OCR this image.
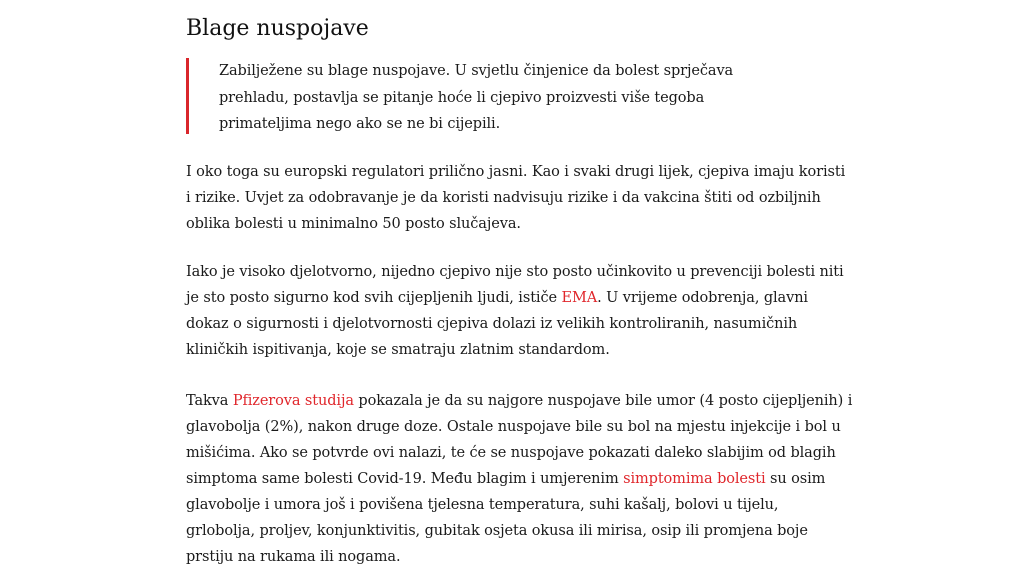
Blage nuspojave

Zabilježene su blage nuspojave. U svjetlu činjenice da bolest sprječava prehladu, postavlja se pitanje hoće li cjepivo proizvesti više tegoba primateljima nego ako se ne bi cijepili.

I oko toga su europski regulatori prilično jasni. Kao i svaki drugi lijek, cjepiva imaju koristi
i rizike. Uvjet za odobravanje je da koristi nadvisuju rizike i da vakcina štiti od ozbiljnih
oblika bolesti u minimalno 50 posto slučajeva.

Iako je visoko djelotvorno, nijedno cjepivo nije sto posto učinkovito u prevenciji bolesti niti
je sto posto sigurno kod svih cijepljenih ljudi, ističe EMA. U vrijeme odobrenja, glavni
dokaz o sigurnosti i djelotvornosti cjepiva dolazi iz velikih kontroliranih, nasumičnih
kliničkih ispitivanja, koje se smatraju zlatnim standardom.

Takva Pfizerova studija pokazala je da su najgore nuspojave bile umor (4 posto cijepljenih) i
glavobolja (2%), nakon druge doze. Ostale nuspojave bile su bol na mjestu injekcije i bol u
mišićima. Ako se potvrde ovi nalazi, te će se nuspojave pokazati daleko slabijim od blagih
simptoma same bolesti Covid-19. Među blagim i umjerenim simptomima bolesti su osim
glavobolje i umora još i povišena tjelesna temperatura, suhi kašalj, bolovi u tijelu,
grlobolja, proljev, konjunktivitis, gubitak osjeta okusa ili mirisa, osip ili promjena boje
prstiju na rukama ili nogama.
